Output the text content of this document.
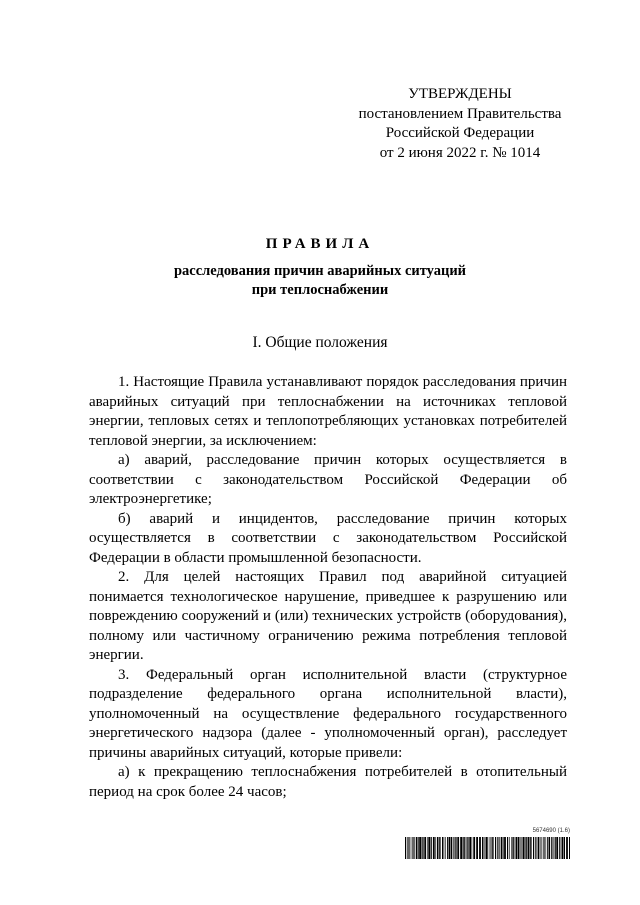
УТВЕРЖДЕНЫ
постановлением Правительства
Российской Федерации
от 2 июня 2022 г. № 1014
ПРАВИЛА
расследования причин аварийных ситуаций
при теплоснабжении
I. Общие положения

1. Настоящие Правила устанавливают порядок расследования причин аварийных ситуаций при теплоснабжении на источниках тепловой энергии, тепловых сетях и теплопотребляющих установках потребителей тепловой энергии, за исключением:

а) аварий, расследование причин которых осуществляется в соответствии с законодательством Российской Федерации об электроэнергетике;

б) аварий и инцидентов, расследование причин которых осуществляется в соответствии с законодательством Российской Федерации в области промышленной безопасности.

2. Для целей настоящих Правил под аварийной ситуацией понимается технологическое нарушение, приведшее к разрушению или повреждению сооружений и (или) технических устройств (оборудования), полному или частичному ограничению режима потребления тепловой энергии.

3. Федеральный орган исполнительной власти (структурное подразделение федерального органа исполнительной власти), уполномоченный на осуществление федерального государственного энергетического надзора (далее - уполномоченный орган), расследует причины аварийных ситуаций, которые привели:

а) к прекращению теплоснабжения потребителей в отопительный период на срок более 24 часов;

5674690 (1.6)
